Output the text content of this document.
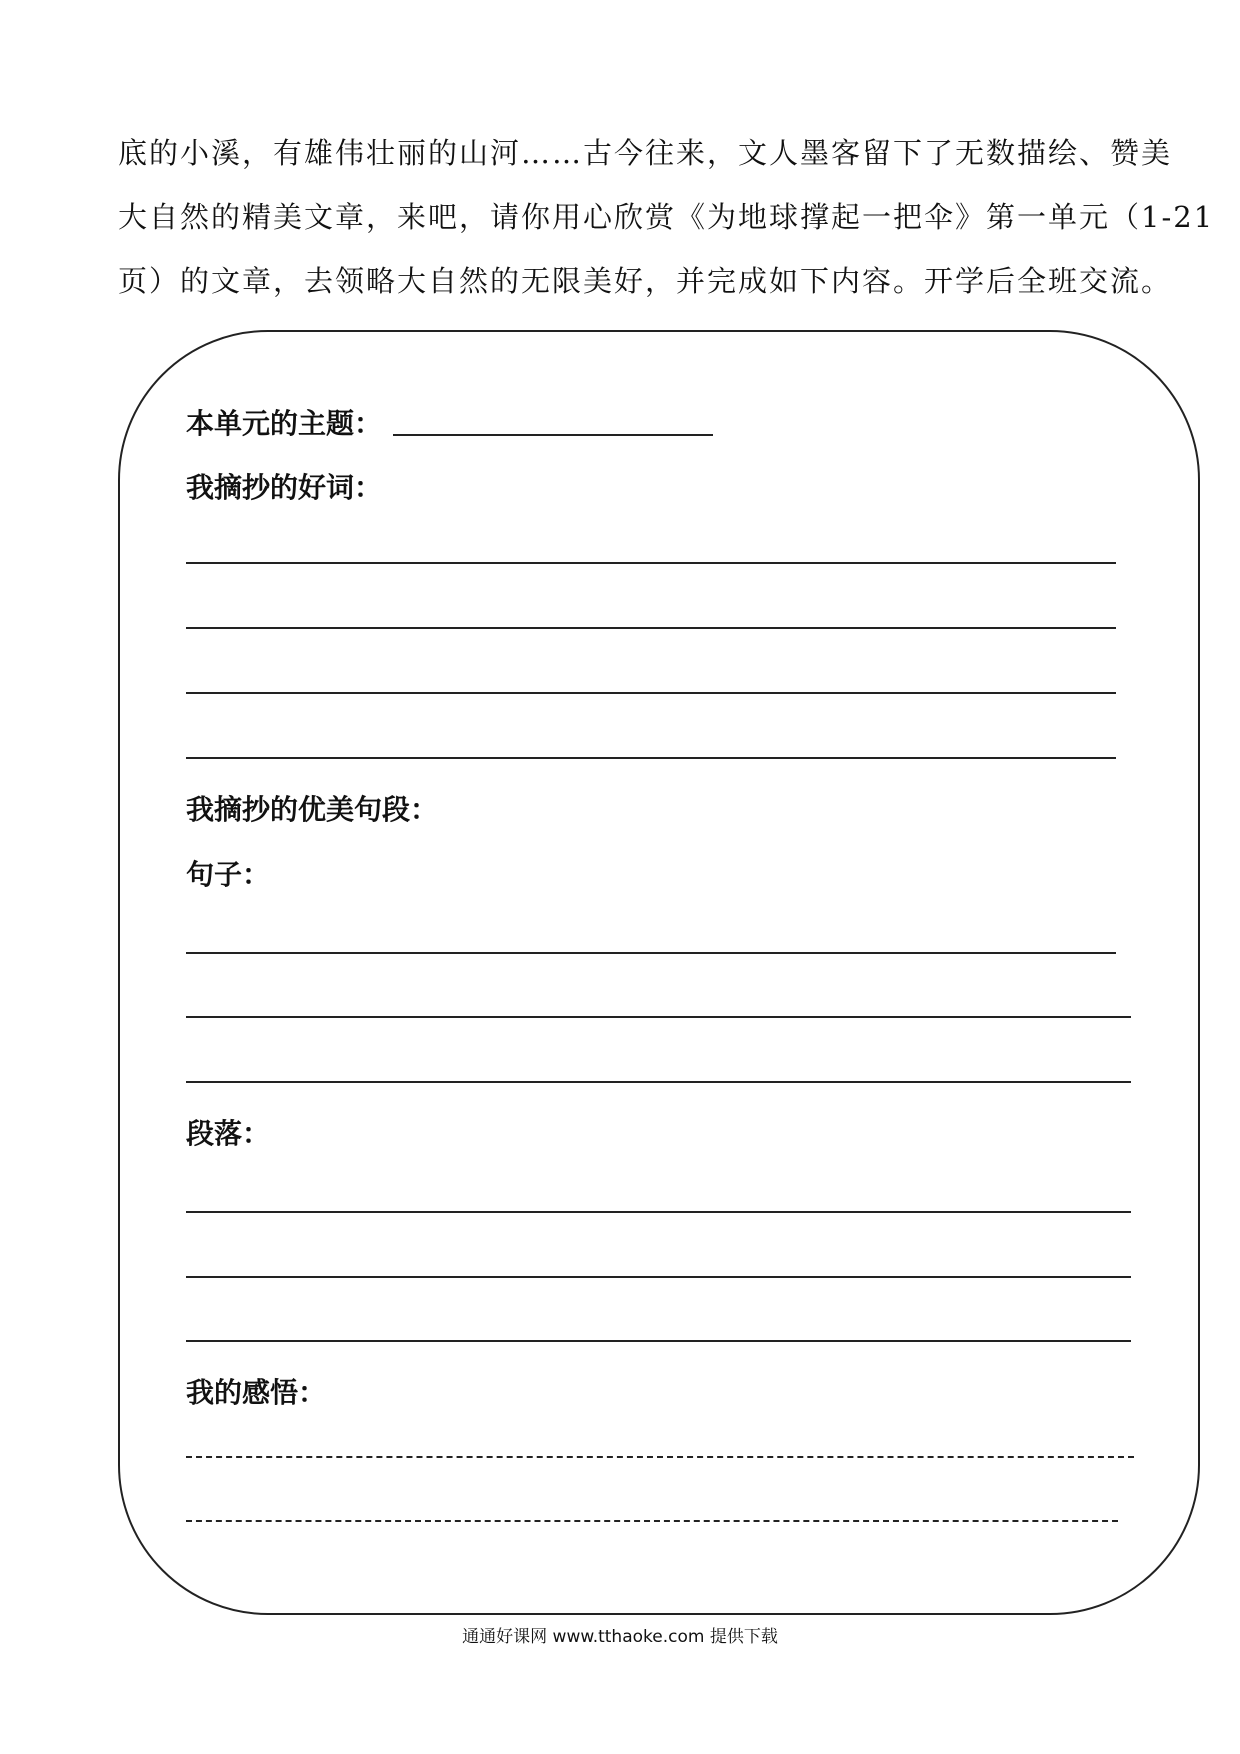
底的小溪，有雄伟壮丽的山河……古今往来，文人墨客留下了无数描绘、赞美
大自然的精美文章，来吧，请你用心欣赏《为地球撑起一把伞》第一单元（1-21
页）的文章，去领略大自然的无限美好，并完成如下内容。开学后全班交流。
本单元的主题：
我摘抄的好词：
我摘抄的优美句段：
句子：
段落：
我的感悟：
通通好课网 www.tthaoke.com 提供下载
